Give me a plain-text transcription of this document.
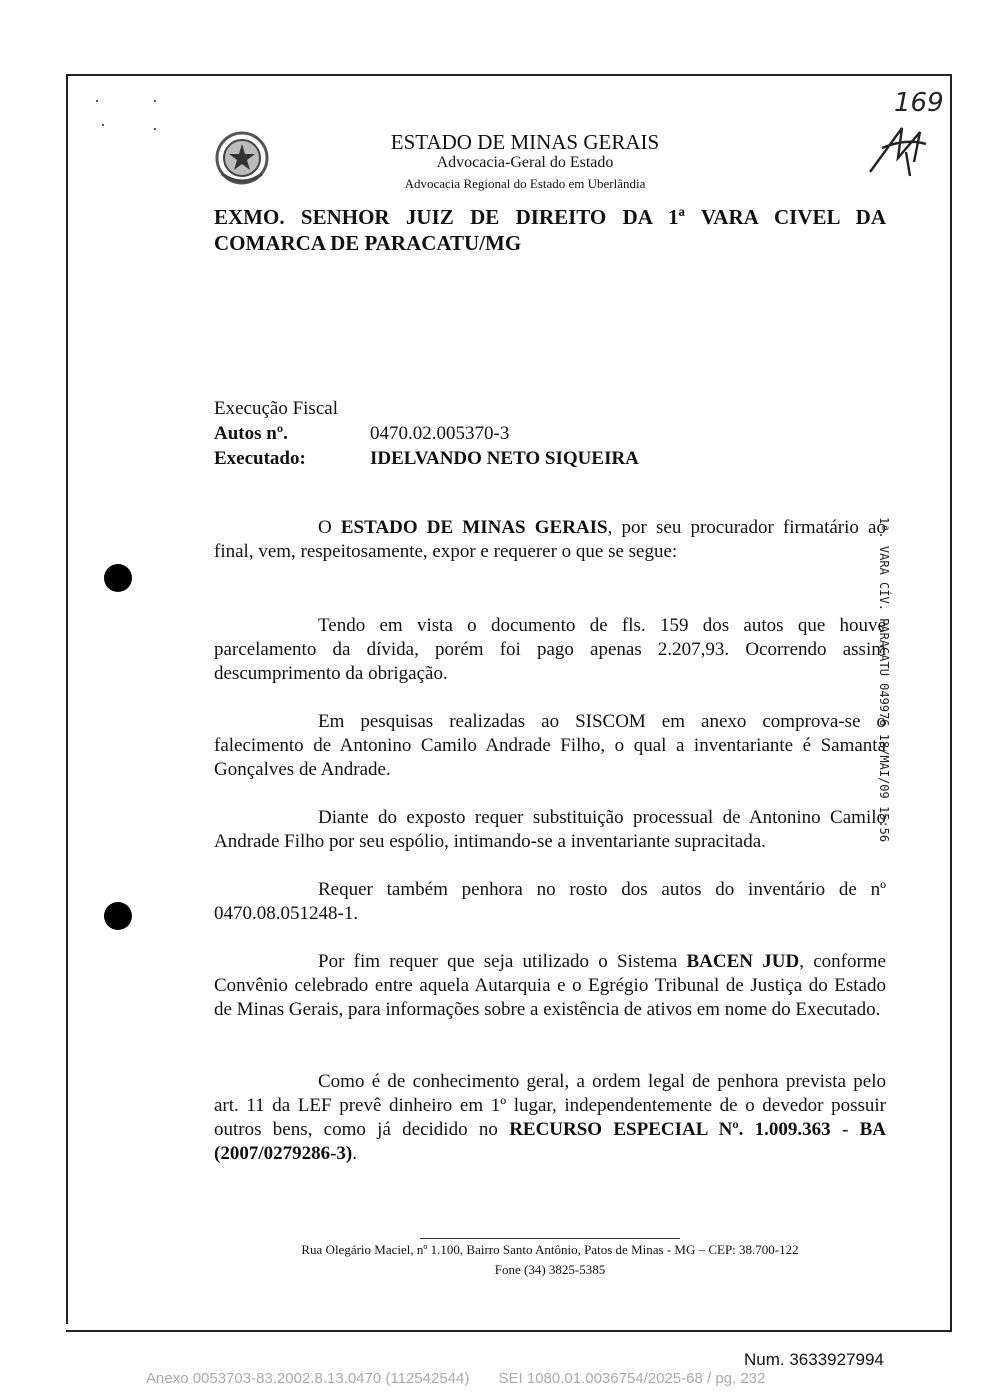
169
ESTADO DE MINAS GERAIS
Advocacia-Geral do Estado
Advocacia Regional do Estado em Uberlândia
EXMO. SENHOR JUIZ DE DIREITO DA 1ª VARA CIVEL DA
COMARCA DE PARACATU/MG
Execução Fiscal
Autos nº.	0470.02.005370-3
Executado:	IDELVANDO NETO SIQUEIRA

O ESTADO DE MINAS GERAIS, por seu procurador firmatário ao final, vem, respeitosamente, expor e requerer o que se segue:

Tendo em vista o documento de fls. 159 dos autos que houve parcelamento da dívida, porém foi pago apenas 2.207,93. Ocorrendo assim descumprimento da obrigação.

Em pesquisas realizadas ao SISCOM em anexo comprova-se o falecimento de Antonino Camilo Andrade Filho, o qual a inventariante é Samanta Gonçalves de Andrade.

Diante do exposto requer substituição processual de Antonino Camilo Andrade Filho por seu espólio, intimando-se a inventariante supracitada.

Requer também penhora no rosto dos autos do inventário de nº 0470.08.051248-1.

Por fim requer que seja utilizado o Sistema BACEN JUD, conforme Convênio celebrado entre aquela Autarquia e o Egrégio Tribunal de Justiça do Estado de Minas Gerais, para informações sobre a existência de ativos em nome do Executado.

Como é de conhecimento geral, a ordem legal de penhora prevista pelo art. 11 da LEF prevê dinheiro em 1º lugar, independentemente de o devedor possuir outros bens, como já decidido no RECURSO ESPECIAL Nº. 1.009.363 - BA (2007/0279286-3).

1ª. VARA CÍV. PARACATU 049976 18/MAI/09 15:56
Rua Olegário Maciel, nº 1.100, Bairro Santo Antônio, Patos de Minas - MG – CEP: 38.700-122
Fone (34) 3825-5385
Num. 3633927994
Anexo 0053703-83.2002.8.13.0470 (112542544)       SEI 1080.01.0036754/2025-68 / pg. 232
